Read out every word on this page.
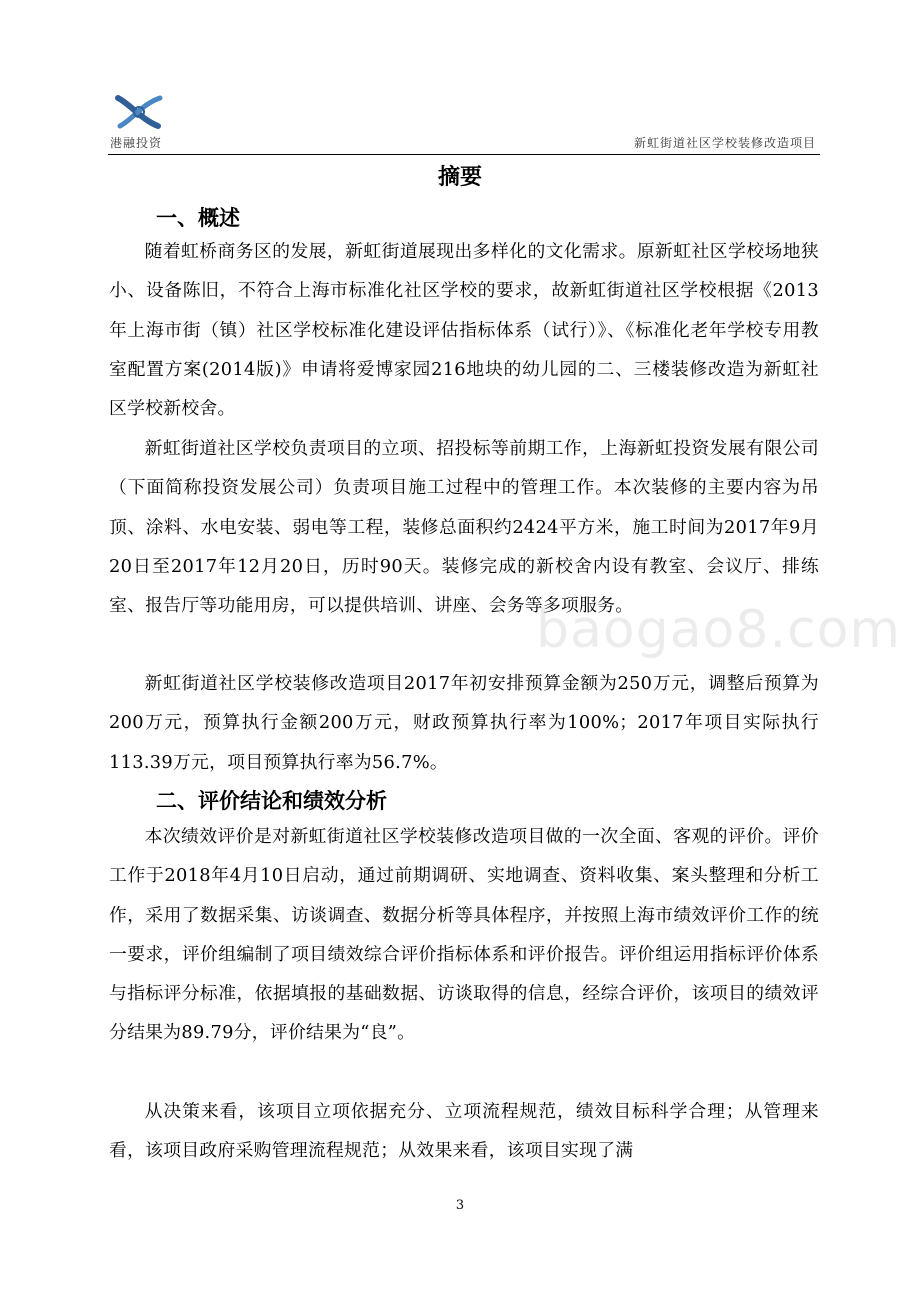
港融投资	新虹街道社区学校装修改造项目
摘要
一、概述

随着虹桥商务区的发展，新虹街道展现出多样化的文化需求。原新虹社区学校场地狭小、设备陈旧，不符合上海市标准化社区学校的要求，故新虹街道社区学校根据《2013年上海市街（镇）社区学校标准化建设评估指标体系（试行）》、《标准化老年学校专用教室配置方案(2014版)》申请将爱博家园216地块的幼儿园的二、三楼装修改造为新虹社区学校新校舍。

新虹街道社区学校负责项目的立项、招投标等前期工作，上海新虹投资发展有限公司（下面简称投资发展公司）负责项目施工过程中的管理工作。本次装修的主要内容为吊顶、涂料、水电安装、弱电等工程，装修总面积约2424平方米，施工时间为2017年9月20日至2017年12月20日，历时90天。装修完成的新校舍内设有教室、会议厅、排练室、报告厅等功能用房，可以提供培训、讲座、会务等多项服务。

新虹街道社区学校装修改造项目2017年初安排预算金额为250万元，调整后预算为200万元，预算执行金额200万元，财政预算执行率为100%；2017年项目实际执行113.39万元，项目预算执行率为56.7%。

二、评价结论和绩效分析

本次绩效评价是对新虹街道社区学校装修改造项目做的一次全面、客观的评价。评价工作于2018年4月10日启动，通过前期调研、实地调查、资料收集、案头整理和分析工作，采用了数据采集、访谈调查、数据分析等具体程序，并按照上海市绩效评价工作的统一要求，评价组编制了项目绩效综合评价指标体系和评价报告。评价组运用指标评价体系与指标评分标准，依据填报的基础数据、访谈取得的信息，经综合评价，该项目的绩效评分结果为89.79分，评价结果为“良”。

从决策来看，该项目立项依据充分、立项流程规范，绩效目标科学合理；从管理来看，该项目政府采购管理流程规范；从效果来看，该项目实现了满

baogao8.com
3
